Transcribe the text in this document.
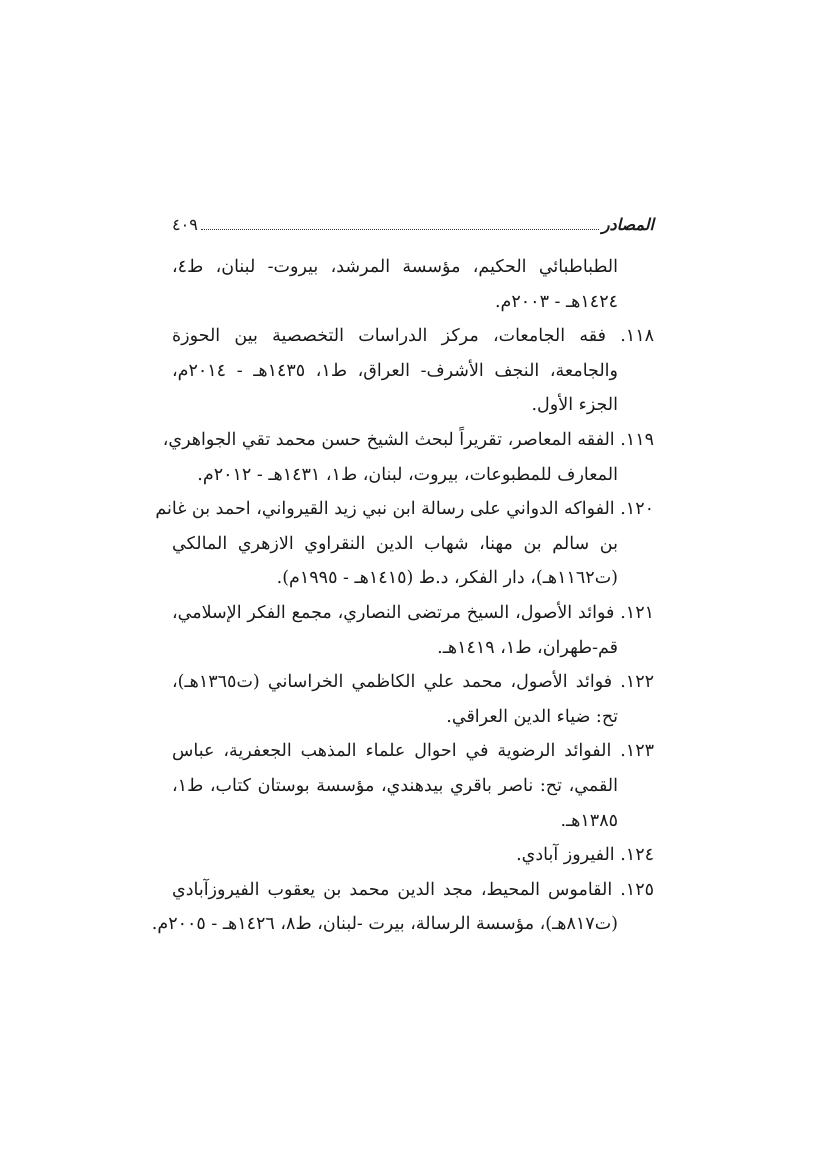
المصادر
٤٠٩
الطباطبائي الحكيم، مؤسسة المرشد، بيروت- لبنان، ط٤،
١٤٢٤هـ - ٢٠٠٣م.
١١٨. فقه الجامعات، مركز الدراسات التخصصية بين الحوزة
والجامعة، النجف الأشرف- العراق، ط١، ١٤٣٥هـ - ٢٠١٤م،
الجزء الأول.
١١٩. الفقه المعاصر، تقريراً لبحث الشيخ حسن محمد تقي الجواهري،
المعارف للمطبوعات، بيروت، لبنان، ط١، ١٤٣١هـ - ٢٠١٢م.
١٢٠. الفواكه الدواني على رسالة ابن نبي زيد القيرواني، احمد بن غانم
بن سالم بن مهنا، شهاب الدين النقراوي الازهري المالكي
(ت١١٦٢هـ)، دار الفكر، د.ط (١٤١٥هـ - ١٩٩٥م).
١٢١. فوائد الأصول، السيخ مرتضى النصاري، مجمع الفكر الإسلامي،
قم-طهران، ط١، ١٤١٩هـ.
١٢٢. فوائد الأصول، محمد علي الكاظمي الخراساني (ت١٣٦٥هـ)،
تح: ضياء الدين العراقي.
١٢٣. الفوائد الرضوية في احوال علماء المذهب الجعفرية، عباس
القمي، تح: ناصر باقري بيدهندي، مؤسسة بوستان كتاب، ط١،
١٣٨٥هـ.
١٢٤. الفيروز آبادي.
١٢٥. القاموس المحيط، مجد الدين محمد بن يعقوب الفيروزآبادي
(ت٨١٧هـ)، مؤسسة الرسالة، بيرت -لبنان، ط٨، ١٤٢٦هـ - ٢٠٠٥م.
